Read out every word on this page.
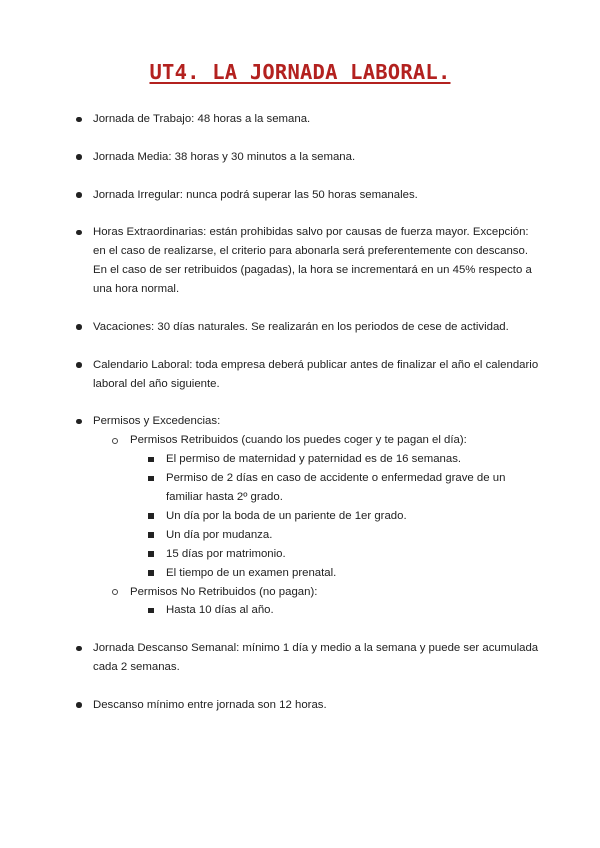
UT4. LA JORNADA LABORAL.
Jornada de Trabajo: 48 horas a la semana.
Jornada Media: 38 horas y 30 minutos a la semana.
Jornada Irregular: nunca podrá superar las 50 horas semanales.
Horas Extraordinarias: están prohibidas salvo por causas de fuerza mayor. Excepción: en el caso de realizarse, el criterio para abonarla será preferentemente con descanso. En el caso de ser retribuidos (pagadas), la hora se incrementará en un 45% respecto a una hora normal.
Vacaciones: 30 días naturales. Se realizarán en los periodos de cese de actividad.
Calendario Laboral: toda empresa deberá publicar antes de finalizar el año el calendario laboral del año siguiente.
Permisos y Excedencias:
Permisos Retribuidos (cuando los puedes coger y te pagan el día):
El permiso de maternidad y paternidad es de 16 semanas.
Permiso de 2 días en caso de accidente o enfermedad grave de un familiar hasta 2º grado.
Un día por la boda de un pariente de 1er grado.
Un día por mudanza.
15 días por matrimonio.
El tiempo de un examen prenatal.
Permisos No Retribuidos (no pagan):
Hasta 10 días al año.
Jornada Descanso Semanal: mínimo 1 día y medio a la semana y puede ser acumulada cada 2 semanas.
Descanso mínimo entre jornada son 12 horas.
